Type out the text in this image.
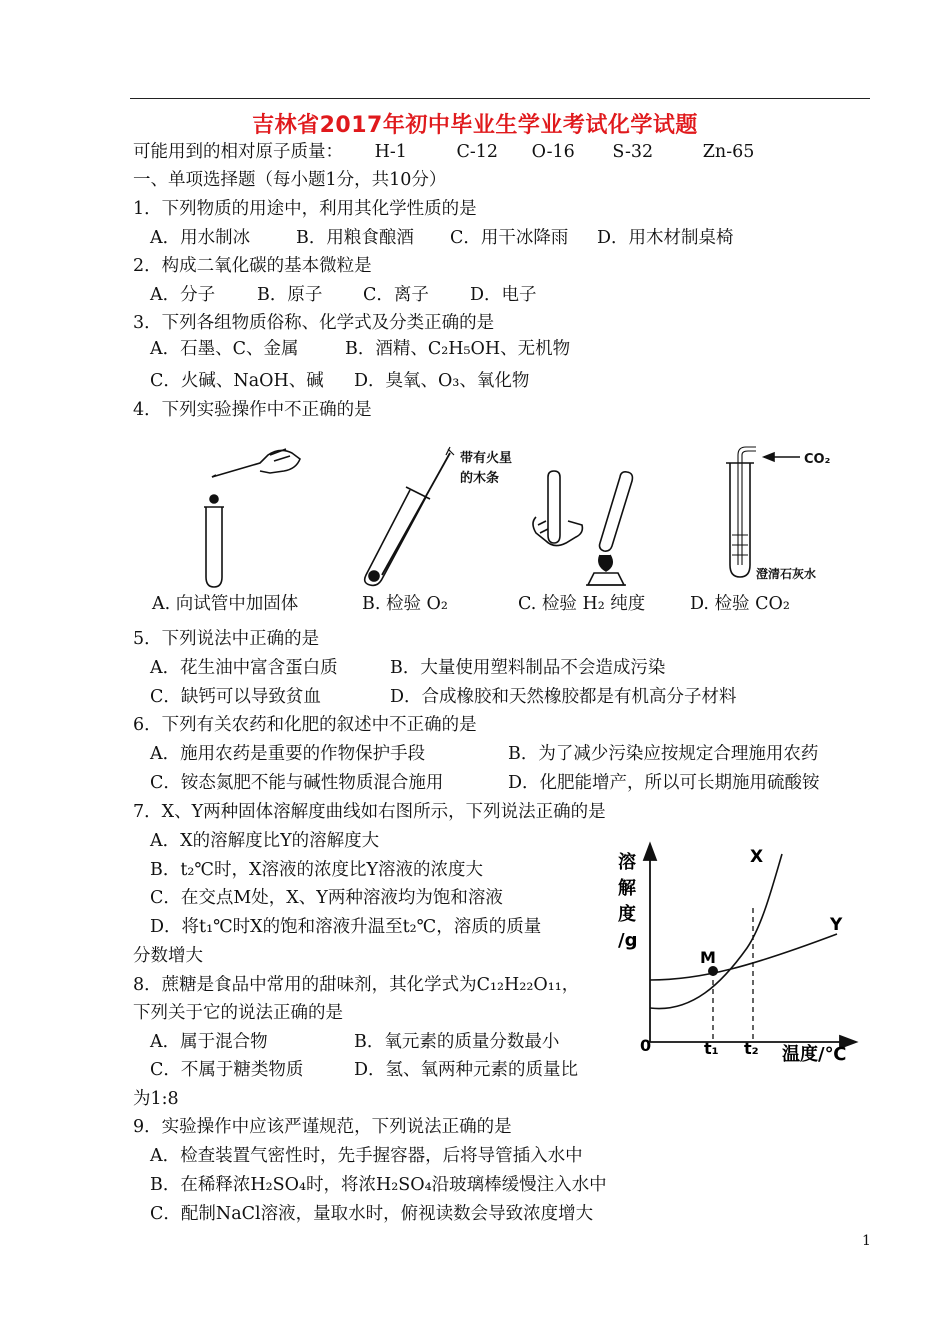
吉林省2017年初中毕业生学业考试化学试题
可能用到的相对原子质量： H-1	C-12 O-16 S-32	Zn-65
一、单项选择题（每小题1分，共10分）
1．下列物质的用途中，利用其化学性质的是
A．用水制冰	B．用粮食酿酒 C．用干冰降雨 D．用木材制桌椅
2．构成二氧化碳的基本微粒是
A．分子 B．原子 C．离子 D．电子
3．下列各组物质俗称、化学式及分类正确的是
A．石墨、C、金属	B．酒精、C₂H₅OH、无机物
C．火碱、NaOH、碱 D．臭氧、O₃、氧化物
4．下列实验操作中不正确的是
带有火星
的木条
CO₂
澄清石灰水
A. 向试管中加固体	B. 检验 O₂	C. 检验 H₂ 纯度	D. 检验 CO₂
5．下列说法中正确的是
A．花生油中富含蛋白质	B．大量使用塑料制品不会造成污染
C．缺钙可以导致贫血	D．合成橡胶和天然橡胶都是有机高分子材料
6．下列有关农药和化肥的叙述中不正确的是
A．施用农药是重要的作物保护手段	B．为了减少污染应按规定合理施用农药
C．铵态氮肥不能与碱性物质混合施用	D．化肥能增产，所以可长期施用硫酸铵
7．X、Y两种固体溶解度曲线如右图所示，下列说法正确的是
A．X的溶解度比Y的溶解度大
B．t₂℃时，X溶液的浓度比Y溶液的浓度大
C．在交点M处，X、Y两种溶液均为饱和溶液
D．将t₁℃时X的饱和溶液升温至t₂℃，溶质的质量
分数增大
8．蔗糖是食品中常用的甜味剂，其化学式为C₁₂H₂₂O₁₁，
下列关于它的说法正确的是
A．属于混合物	B．氧元素的质量分数最小
C．不属于糖类物质	D．氢、氧两种元素的质量比
为1:8
9．实验操作中应该严谨规范，下列说法正确的是
A．检查装置气密性时，先手握容器，后将导管插入水中
B．在稀释浓H₂SO₄时，将浓H₂SO₄沿玻璃棒缓慢注入水中
C．配制NaCl溶液，量取水时，俯视读数会导致浓度增大
溶解度/g
温度/℃
0	t₁ t₂
M
X
Y
1
